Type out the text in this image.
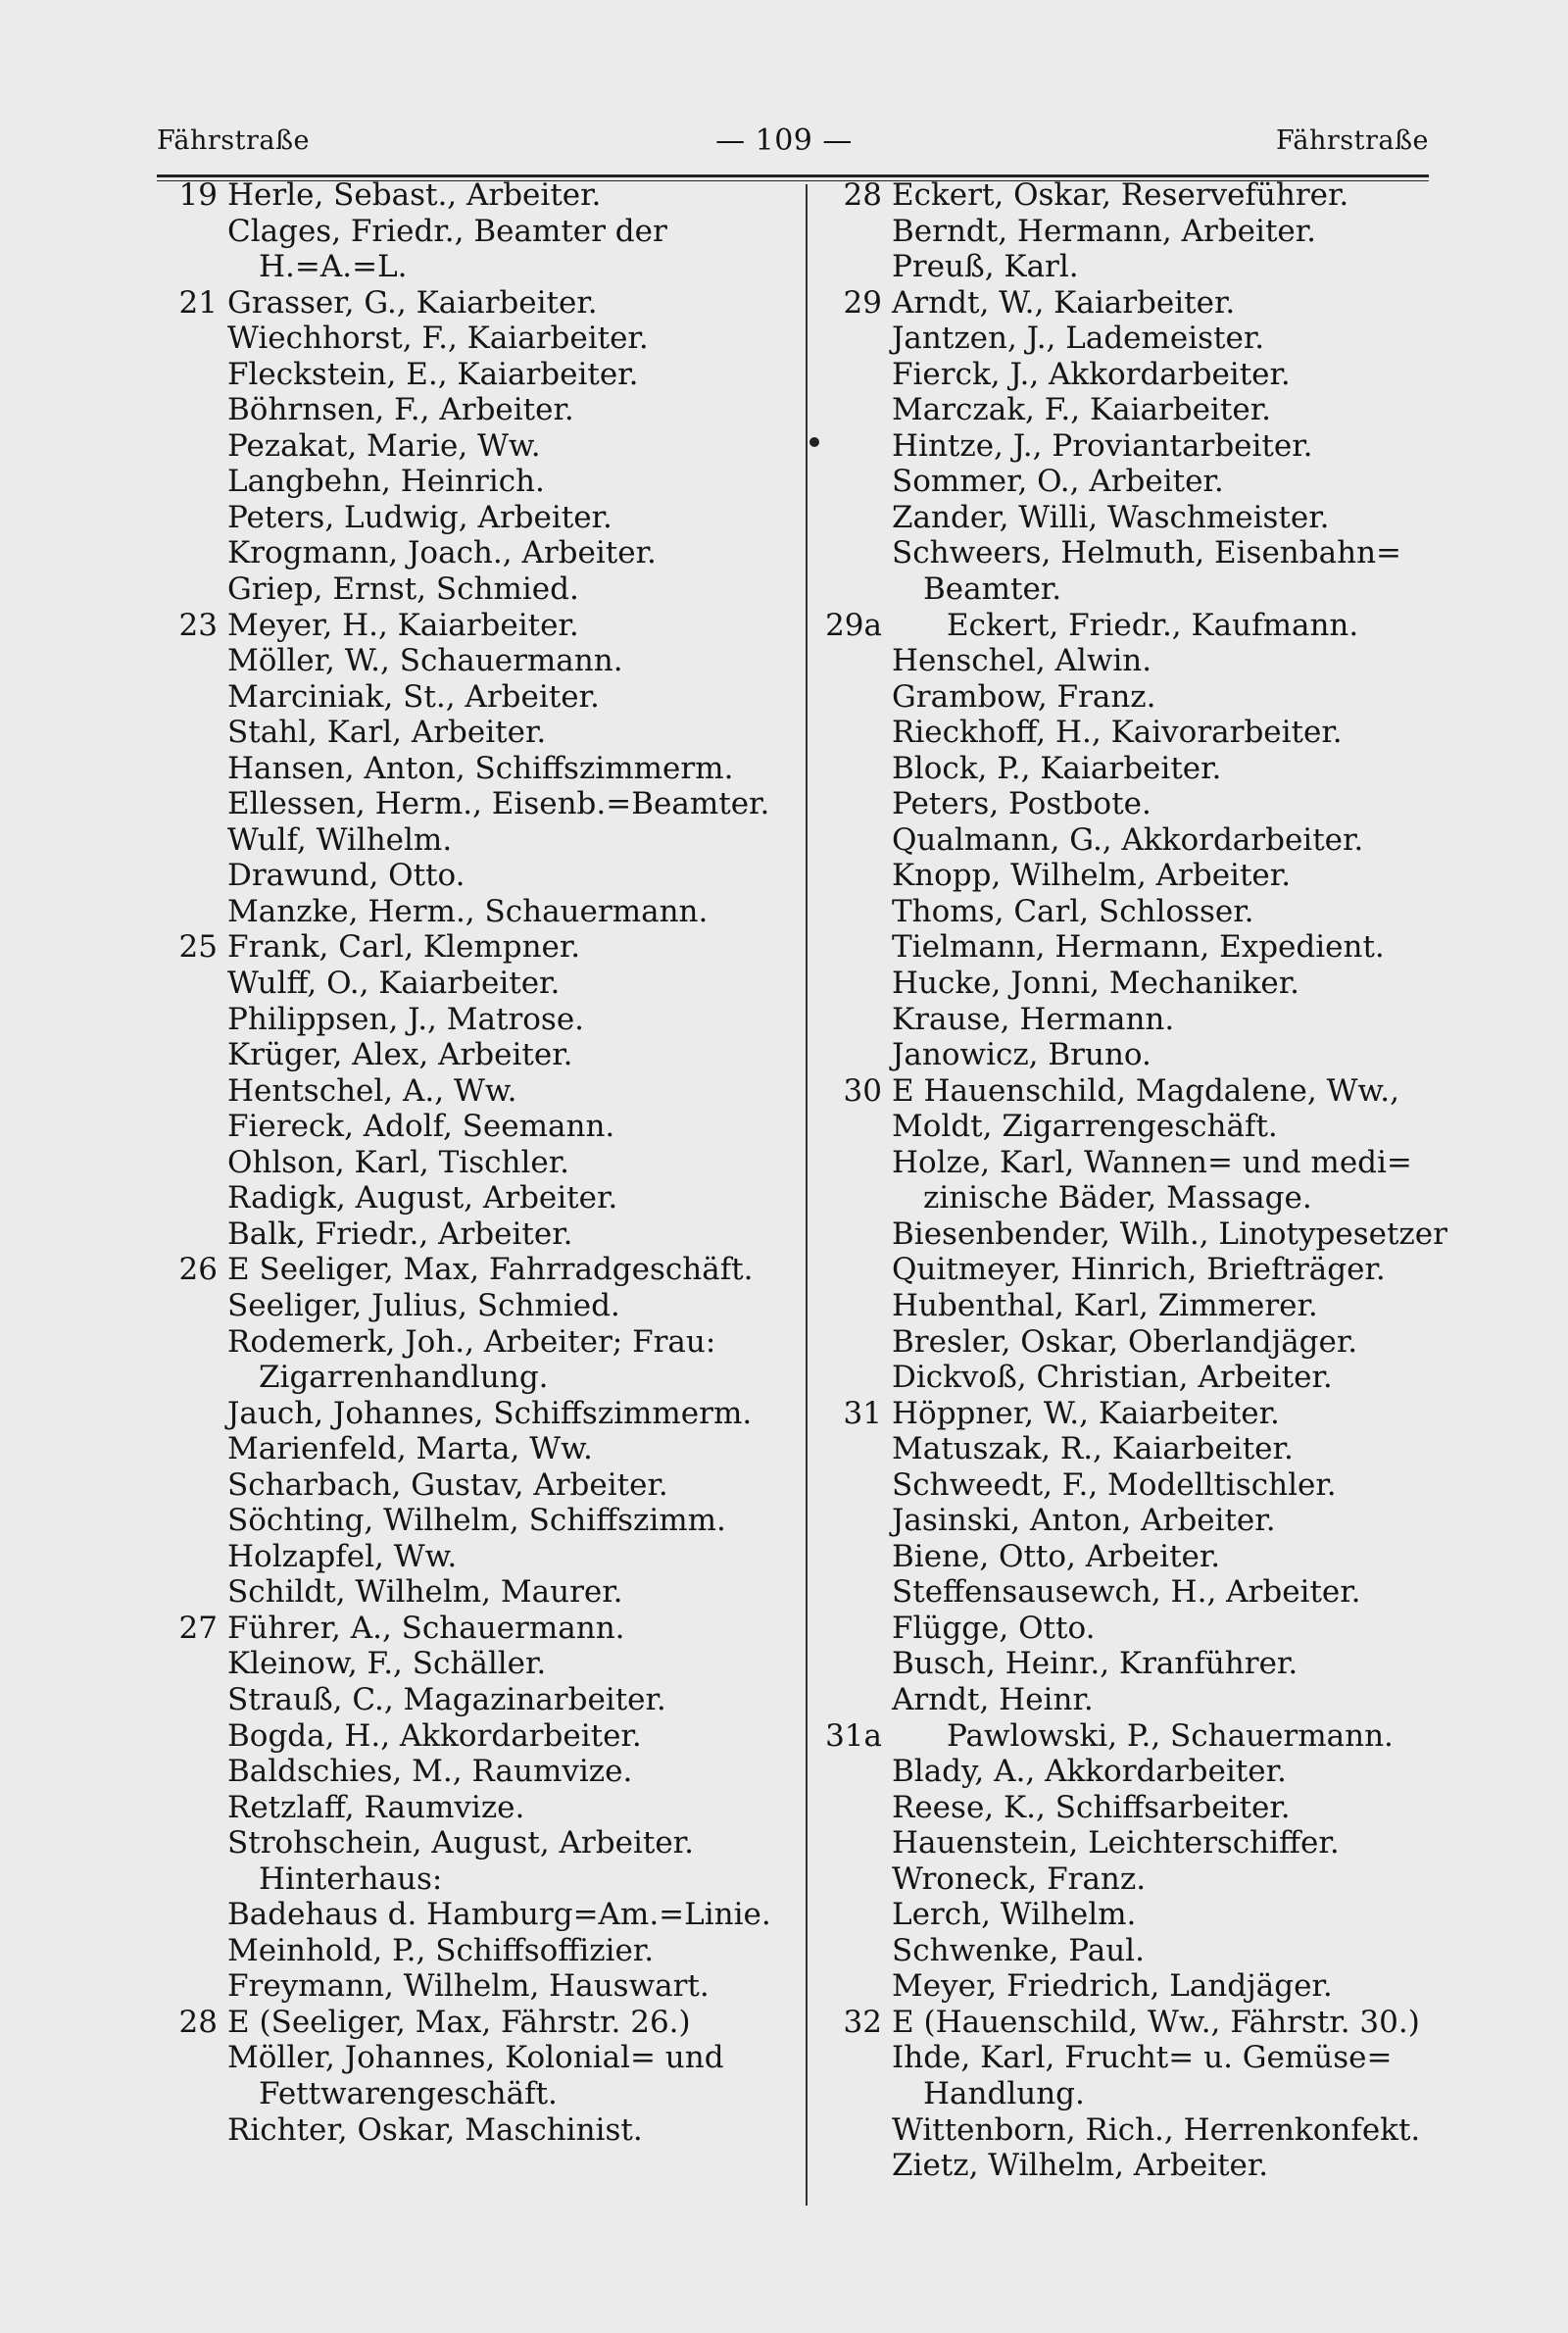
Fährstraße	— 109 —	Fährstraße
19 Herle, Sebast., Arbeiter.
Clages, Friedr., Beamter der
H.=A.=L.
21 Grasser, G., Kaiarbeiter.
Wiechhorst, F., Kaiarbeiter.
Fleckstein, E., Kaiarbeiter.
Böhrnsen, F., Arbeiter.
Pezakat, Marie, Ww.
Langbehn, Heinrich.
Peters, Ludwig, Arbeiter.
Krogmann, Joach., Arbeiter.
Griep, Ernst, Schmied.
23 Meyer, H., Kaiarbeiter.
Möller, W., Schauermann.
Marciniak, St., Arbeiter.
Stahl, Karl, Arbeiter.
Hansen, Anton, Schiffszimmerm.
Ellessen, Herm., Eisenb.=Beamter.
Wulf, Wilhelm.
Drawund, Otto.
Manzke, Herm., Schauermann.
25 Frank, Carl, Klempner.
Wulff, O., Kaiarbeiter.
Philippsen, J., Matrose.
Krüger, Alex, Arbeiter.
Hentschel, A., Ww.
Fiereck, Adolf, Seemann.
Ohlson, Karl, Tischler.
Radigk, August, Arbeiter.
Balk, Friedr., Arbeiter.
26 E Seeliger, Max, Fahrradgeschäft.
Seeliger, Julius, Schmied.
Rodemerk, Joh., Arbeiter; Frau:
Zigarrenhandlung.
Jauch, Johannes, Schiffszimmerm.
Marienfeld, Marta, Ww.
Scharbach, Gustav, Arbeiter.
Söchting, Wilhelm, Schiffszimm.
Holzapfel, Ww.
Schildt, Wilhelm, Maurer.
27 Führer, A., Schauermann.
Kleinow, F., Schäller.
Strauß, C., Magazinarbeiter.
Bogda, H., Akkordarbeiter.
Baldschies, M., Raumvize.
Retzlaff, Raumvize.
Strohschein, August, Arbeiter.
Hinterhaus:
Badehaus d. Hamburg=Am.=Linie.
Meinhold, P., Schiffsoffizier.
Freymann, Wilhelm, Hauswart.
28 E (Seeliger, Max, Fährstr. 26.)
Möller, Johannes, Kolonial= und
Fettwarengeschäft.
Richter, Oskar, Maschinist.
28 Eckert, Oskar, Reserveführer.
Berndt, Hermann, Arbeiter.
Preuß, Karl.
29 Arndt, W., Kaiarbeiter.
Jantzen, J., Lademeister.
Fierck, J., Akkordarbeiter.
Marczak, F., Kaiarbeiter.
Hintze, J., Proviantarbeiter.
Sommer, O., Arbeiter.
Zander, Willi, Waschmeister.
Schweers, Helmuth, Eisenbahn=
Beamter.
29a Eckert, Friedr., Kaufmann.
Henschel, Alwin.
Grambow, Franz.
Rieckhoff, H., Kaivorarbeiter.
Block, P., Kaiarbeiter.
Peters, Postbote.
Qualmann, G., Akkordarbeiter.
Knopp, Wilhelm, Arbeiter.
Thoms, Carl, Schlosser.
Tielmann, Hermann, Expedient.
Hucke, Jonni, Mechaniker.
Krause, Hermann.
Janowicz, Bruno.
30 E Hauenschild, Magdalene, Ww.,
Moldt, Zigarrengeschäft.
Holze, Karl, Wannen= und medi=
zinische Bäder, Massage.
Biesenbender, Wilh., Linotypesetzer
Quitmeyer, Hinrich, Briefträger.
Hubenthal, Karl, Zimmerer.
Bresler, Oskar, Oberlandjäger.
Dickvoß, Christian, Arbeiter.
31 Höppner, W., Kaiarbeiter.
Matuszak, R., Kaiarbeiter.
Schweedt, F., Modelltischler.
Jasinski, Anton, Arbeiter.
Biene, Otto, Arbeiter.
Steffensausewch, H., Arbeiter.
Flügge, Otto.
Busch, Heinr., Kranführer.
Arndt, Heinr.
31a Pawlowski, P., Schauermann.
Blady, A., Akkordarbeiter.
Reese, K., Schiffsarbeiter.
Hauenstein, Leichterschiffer.
Wroneck, Franz.
Lerch, Wilhelm.
Schwenke, Paul.
Meyer, Friedrich, Landjäger.
32 E (Hauenschild, Ww., Fährstr. 30.)
Ihde, Karl, Frucht= u. Gemüse=
Handlung.
Wittenborn, Rich., Herrenkonfekt.
Zietz, Wilhelm, Arbeiter.
